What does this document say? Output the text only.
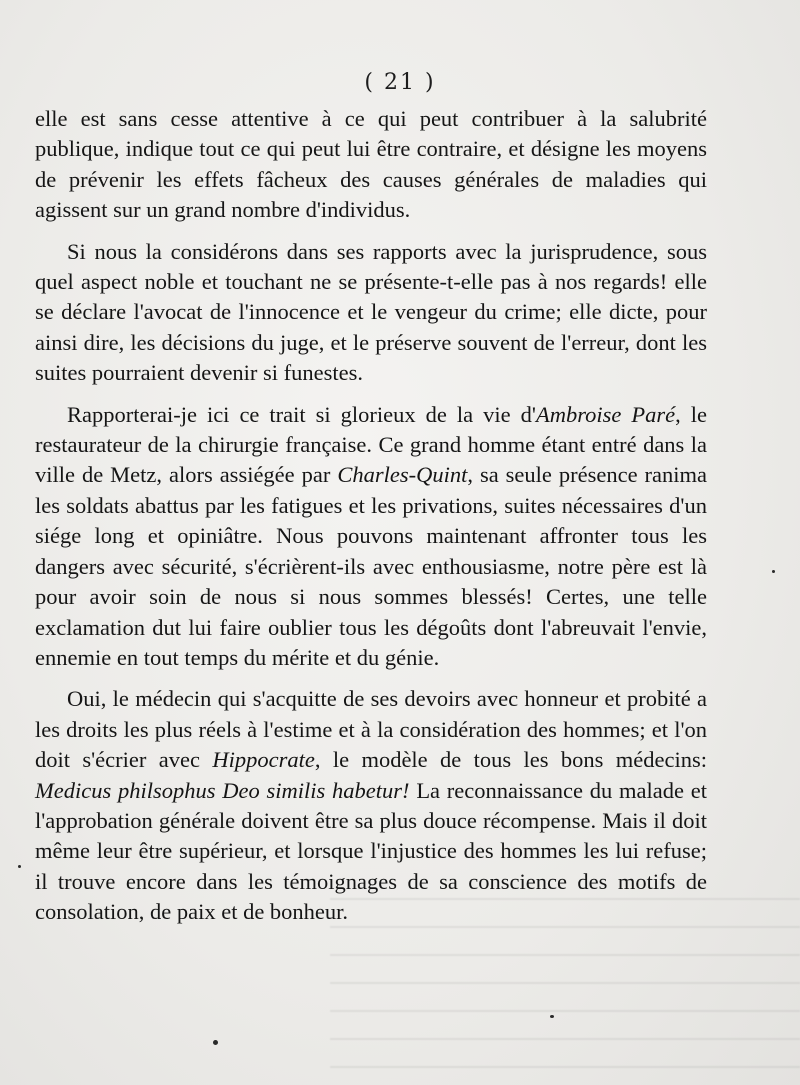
( 21 )

elle est sans cesse attentive à ce qui peut contribuer à la salubrité publique, indique tout ce qui peut lui être contraire, et désigne les moyens de prévenir les effets fâcheux des causes générales de maladies qui agissent sur un grand nombre d'individus.

Si nous la considérons dans ses rapports avec la jurisprudence, sous quel aspect noble et touchant ne se présente-t-elle pas à nos regards! elle se déclare l'avocat de l'innocence et le vengeur du crime; elle dicte, pour ainsi dire, les décisions du juge, et le préserve souvent de l'erreur, dont les suites pourraient devenir si funestes.

Rapporterai-je ici ce trait si glorieux de la vie d'Ambroise Paré, le restaurateur de la chirurgie française. Ce grand homme étant entré dans la ville de Metz, alors assiégée par Charles-Quint, sa seule présence ranima les soldats abattus par les fatigues et les privations, suites nécessaires d'un siége long et opiniâtre. Nous pouvons maintenant affronter tous les dangers avec sécurité, s'écrièrent-ils avec enthousiasme, notre père est là pour avoir soin de nous si nous sommes blessés! Certes, une telle exclamation dut lui faire oublier tous les dégoûts dont l'abreuvait l'envie, ennemie en tout temps du mérite et du génie.

Oui, le médecin qui s'acquitte de ses devoirs avec honneur et probité a les droits les plus réels à l'estime et à la considération des hommes; et l'on doit s'écrier avec Hippocrate, le modèle de tous les bons médecins: Medicus philsophus Deo similis habetur! La reconnaissance du malade et l'approbation générale doivent être sa plus douce récompense. Mais il doit même leur être supérieur, et lorsque l'injustice des hommes les lui refuse; il trouve encore dans les témoignages de sa conscience des motifs de consolation, de paix et de bonheur.
